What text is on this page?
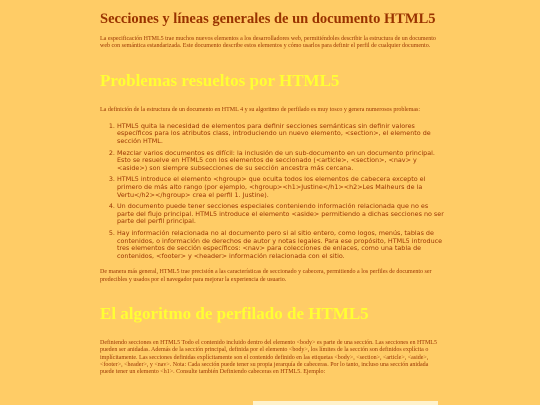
Secciones y líneas generales de un documento HTML5

La especificación HTML5 trae muchos nuevos elementos a los desarrolladores web, permitiéndoles describir la estructura de un documento web con semántica estandarizada. Este documento describe estos elementos y cómo usarlos para definir el perfil de cualquier documento.

Problemas resueltos por HTML5

La definición de la estructura de un documento en HTML 4 y su algoritmo de perfilado es muy tosco y genera numerosos problemas:

1. HTML5 quita la necesidad de elementos para definir secciones semánticas sin definir valores específicos para los atributos class, introduciendo un nuevo elemento, <section>, el elemento de sección HTML.
2. Mezclar varios documentos es difícil: la inclusión de un sub-documento en un documento principal. Esto se resuelve en HTML5 con los elementos de seccionado (<article>, <section>, <nav> y <aside>) son siempre subsecciones de su sección ancestra más cercana.
3. HTML5 introduce el elemento <hgroup> que oculta todos los elementos de cabecera excepto el primero de más alto rango (por ejemplo, <hgroup><h1>Justine</h1><h2>Les Malheurs de la Vertu</h2></hgroup> crea el perfil 1. Justine).
4. Un documento puede tener secciones especiales conteniendo información relacionada que no es parte del flujo principal. HTML5 introduce el elemento <aside> permitiendo a dichas secciones no ser parte del perfil principal.
5. Hay información relacionada no al documento pero si al sitio entero, como logos, menús, tablas de contenidos, o información de derechos de autor y notas legales. Para ese propósito, HTML5 introduce tres elementos de sección específicos: <nav> para colecciones de enlaces, como una tabla de contenidos, <footer> y <header> información relacionada con el sitio.

De manera más general, HTML5 trae precisión a las características de seccionado y cabecera, permitiendo a los perfiles de documento ser predecibles y usados por el navegador para mejorar la experiencia de usuario.

El algoritmo de perfilado de HTML5

Definiendo secciones en HTML5 Todo el contenido incluido dentro del elemento <body> es parte de una sección. Las secciones en HTML5 pueden ser anidadas. Además de la sección principal, definida por el elemento <body>, los límites de la sección son definidos explícita o implícitamente. Las secciones definidas explícitamente son el contenido definido en las etiquetas <body>, <section>, <article>, <aside>, <footer>, <header>, y <nav>. Nota: Cada sección puede tener su propia jerarquía de cabeceras. Por lo tanto, incluso una sección anidada puede tener un elemento <h1>. Consulte también Definiendo cabeceras en HTML5. Ejemplo:
